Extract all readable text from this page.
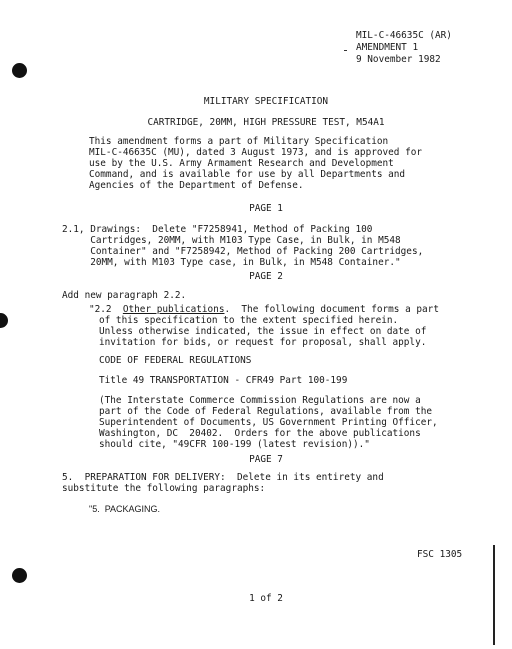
MIL-C-46635C (AR)
AMENDMENT 1
9 November 1982
MILITARY SPECIFICATION
CARTRIDGE, 20MM, HIGH PRESSURE TEST, M54A1
This amendment forms a part of Military Specification
MIL-C-46635C (MU), dated 3 August 1973, and is approved for
use by the U.S. Army Armament Research and Development
Command, and is available for use by all Departments and
Agencies of the Department of Defense.
PAGE 1
2.1, Drawings:  Delete "F7258941, Method of Packing 100
Cartridges, 20MM, with M103 Type Case, in Bulk, in M548
Container" and "F7258942, Method of Packing 200 Cartridges,
20MM, with M103 Type case, in Bulk, in M548 Container."
PAGE 2
Add new paragraph 2.2.
"2.2  Other publications.  The following document forms a part
of this specification to the extent specified herein.
Unless otherwise indicated, the issue in effect on date of
invitation for bids, or request for proposal, shall apply.
CODE OF FEDERAL REGULATIONS
Title 49 TRANSPORTATION - CFR49 Part 100-199
(The Interstate Commerce Commission Regulations are now a
part of the Code of Federal Regulations, available from the
Superintendent of Documents, US Government Printing Officer,
Washington, DC  20402.  Orders for the above publications
should cite, "49CFR 100-199 (latest revision))."
PAGE 7
5.  PREPARATION FOR DELIVERY:  Delete in its entirety and
substitute the following paragraphs:
"5.  PACKAGING.
FSC 1305
1 of 2
